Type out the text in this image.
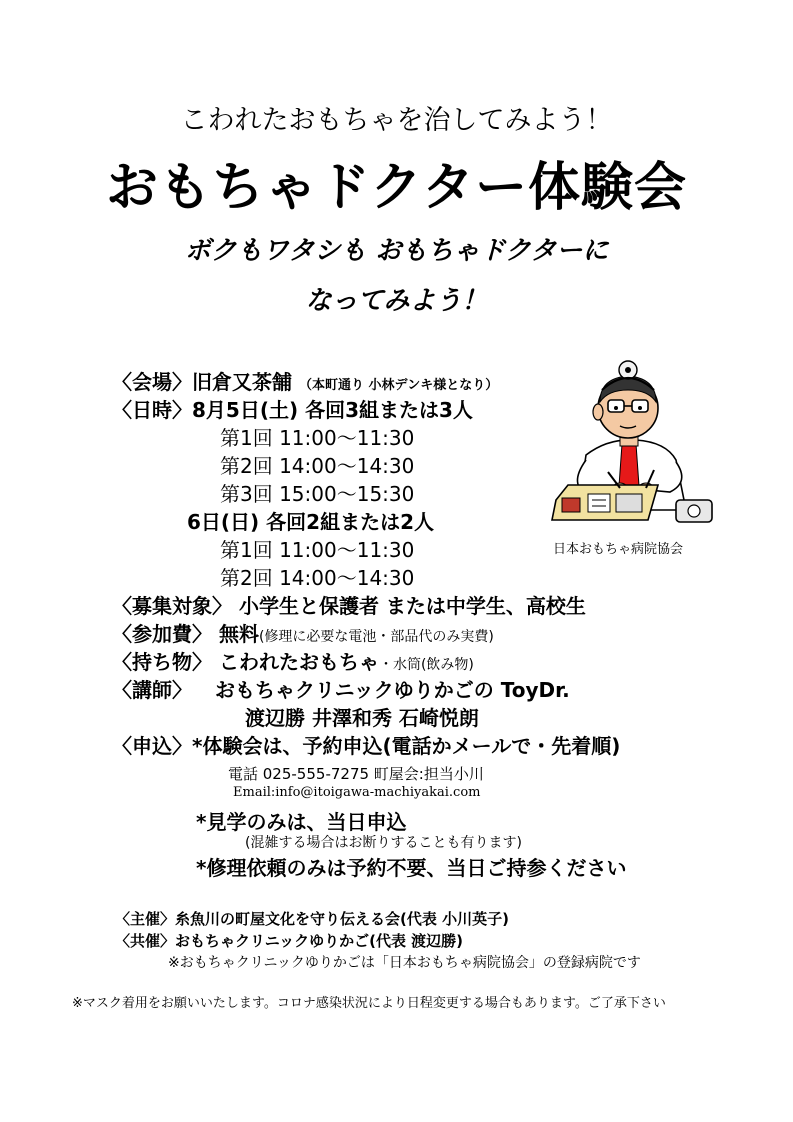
こわれたおもちゃを治してみよう！
おもちゃドクター体験会
ボクもワタシも おもちゃドクターに
なってみよう！
〈会場〉旧倉又茶舗 （本町通り 小林デンキ様となり）
〈日時〉8月5日(土) 各回3組または3人
第1回 11:00〜11:30
第2回 14:00〜14:30
第3回 15:00〜15:30
6日(日) 各回2組または2人
第1回 11:00〜11:30
第2回 14:00〜14:30
〈募集対象〉 小学生と保護者 または中学生、高校生
〈参加費〉 無料(修理に必要な電池・部品代のみ実費)
〈持ち物〉 こわれたおもちゃ・水筒(飲み物)
〈講師〉 おもちゃクリニックゆりかごの ToyDr.
渡辺勝 井澤和秀 石崎悦朗
〈申込〉*体験会は、予約申込(電話かメールで・先着順)
電話 025-555-7275 町屋会:担当小川
Email:info@itoigawa-machiyakai.com
*見学のみは、当日申込
(混雑する場合はお断りすることも有ります)
*修理依頼のみは予約不要、当日ご持参ください
〈主催〉糸魚川の町屋文化を守り伝える会(代表 小川英子)
〈共催〉おもちゃクリニックゆりかご(代表 渡辺勝)
※おもちゃクリニックゆりかごは「日本おもちゃ病院協会」の登録病院です
※マスク着用をお願いいたします。コロナ感染状況により日程変更する場合もあります。ご了承下さい
日本おもちゃ病院協会
